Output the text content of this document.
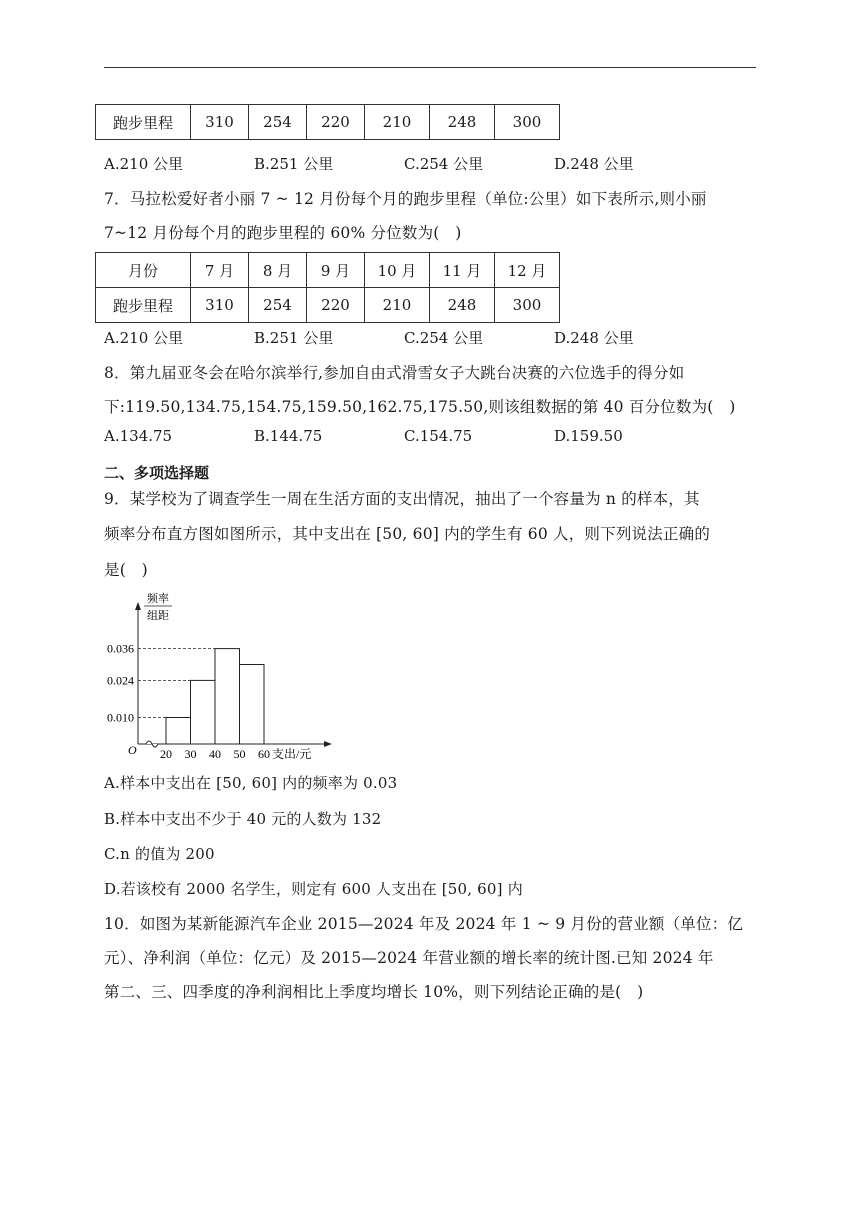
跑步里程	310	254	220	210	248	300
A.210 公里	B.251 公里	C.254 公里	D.248 公里
7．马拉松爱好者小丽 7 ~ 12 月份每个月的跑步里程（单位:公里）如下表所示,则小丽
7~12 月份每个月的跑步里程的 60% 分位数为(　)
月份	7 月	8 月	9 月	10 月	11 月	12 月
跑步里程	310	254	220	210	248	300
A.210 公里	B.251 公里	C.254 公里	D.248 公里
8．第九届亚冬会在哈尔滨举行,参加自由式滑雪女子大跳台决赛的六位选手的得分如
下:119.50,134.75,154.75,159.50,162.75,175.50,则该组数据的第 40 百分位数为(　)
A.134.75	B.144.75	C.154.75	D.159.50
二、多项选择题
9．某学校为了调查学生一周在生活方面的支出情况，抽出了一个容量为 n 的样本，其
频率分布直方图如图所示，其中支出在 [50, 60] 内的学生有 60 人，则下列说法正确的
是(　)
频率
组距
O
0.010
0.024
0.036
20 30 40 50 60 支出/元
A.样本中支出在 [50, 60] 内的频率为 0.03
B.样本中支出不少于 40 元的人数为 132
C.n 的值为 200
D.若该校有 2000 名学生，则定有 600 人支出在 [50, 60] 内
10．如图为某新能源汽车企业 2015—2024 年及 2024 年 1 ~ 9 月份的营业额（单位：亿
元）、净利润（单位：亿元）及 2015—2024 年营业额的增长率的统计图.已知 2024 年
第二、三、四季度的净利润相比上季度均增长 10%，则下列结论正确的是(　)
